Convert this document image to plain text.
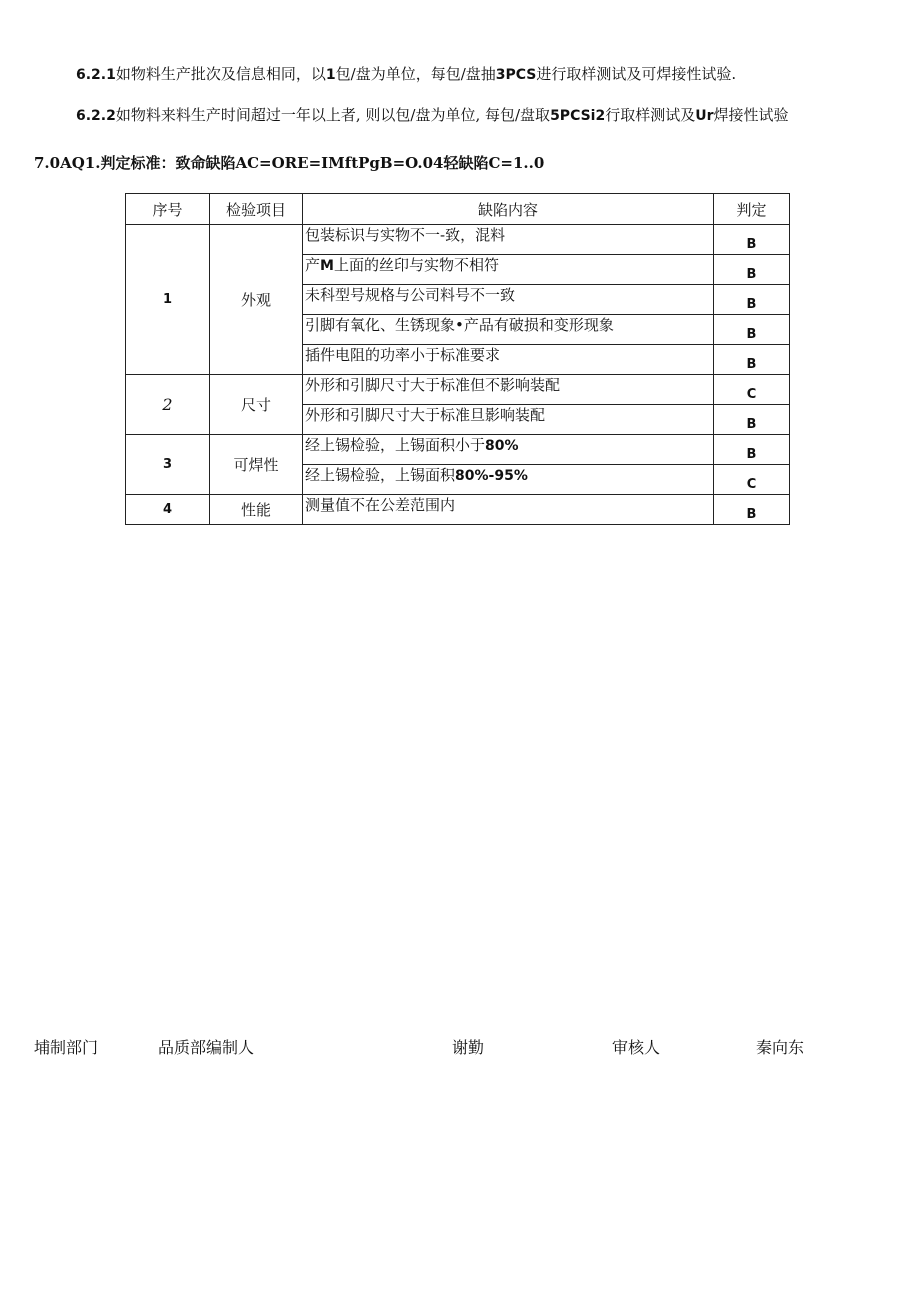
6.2.1如物料生产批次及信息相同，以1包/盘为单位，每包/盘抽3PCS进行取样测试及可焊接性试验.
6.2.2如物料来料生产时间超过一年以上者, 则以包/盘为单位, 每包/盘取5PCSi2行取样测试及Ur焊接性试验
7.0AQ1.判定标准：致命缺陷AC=ORE=IMftPgB=O.04轻缺陷C=1..0
序号	检验项目	缺陷内容	判定
1	外观	包装标识与实物不一-致，混料	B
		产M上面的丝印与实物不相符	B
		未科型号规格与公司料号不一致	B
		引脚有氧化、生锈现象•产品有破损和变形现象	B
		插件电阻的功率小于标准要求	B
2	尺寸	外形和引脚尺寸大于标准但不影响装配	C
		外形和引脚尺寸大于标准旦影响装配	B
3	可焊性	经上锡检验，上锡面积小于80%	B
		经上锡检验，上锡面积80%-95%	C
4	性能	测量值不在公差范围内	B
埔制部门	品质部编制人	谢勤	审核人	秦向东
